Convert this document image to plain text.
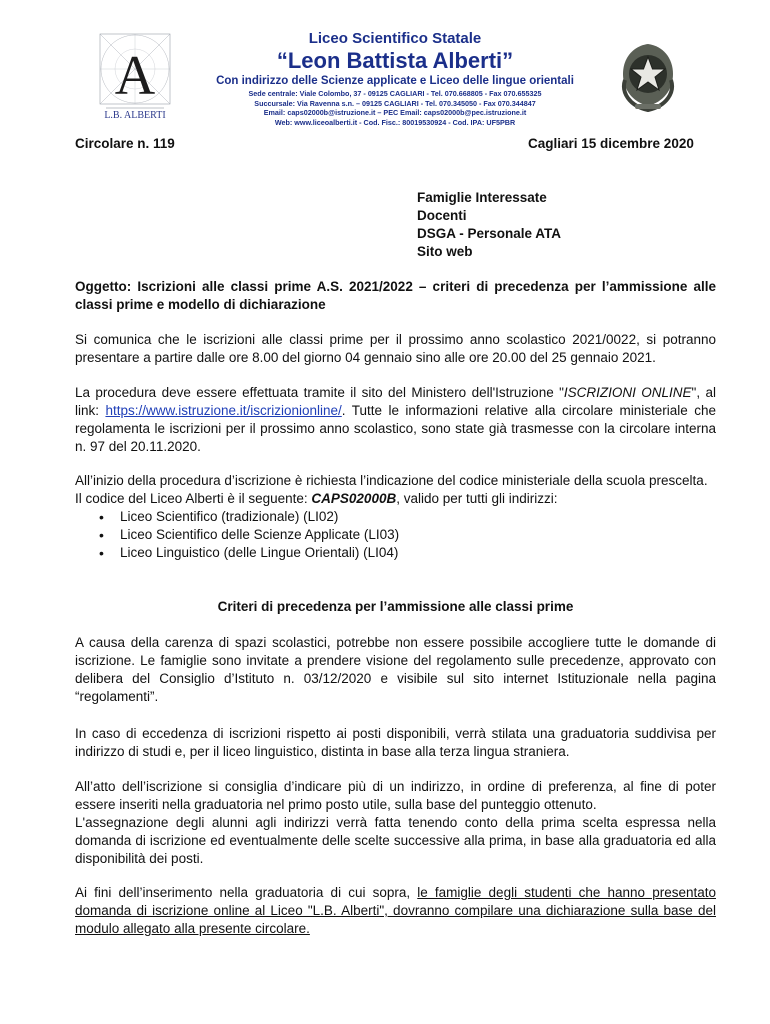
A
L.B. ALBERTI
Liceo Scientifico Statale
“Leon Battista Alberti”
Con indirizzo delle Scienze applicate e Liceo delle lingue orientali
Sede centrale: Viale Colombo, 37 - 09125 CAGLIARI - Tel. 070.668805 - Fax 070.655325
Succursale: Via Ravenna s.n. – 09125 CAGLIARI - Tel. 070.345050 - Fax 070.344847
Email: caps02000b@istruzione.it – PEC Email: caps02000b@pec.istruzione.it
Web: www.liceoalberti.it - Cod. Fisc.: 80019530924 - Cod. IPA: UF5PBR
Circolare n. 119	Cagliari 15 dicembre 2020
Famiglie Interessate
Docenti
DSGA - Personale ATA
Sito web
Oggetto: Iscrizioni alle classi prime A.S. 2021/2022 – criteri di precedenza per l’ammissione alle classi prime e modello di dichiarazione
Si comunica che le iscrizioni alle classi prime per il prossimo anno scolastico 2021/0022, si potranno presentare a partire dalle ore 8.00 del giorno 04 gennaio sino alle ore 20.00 del 25 gennaio 2021.
La procedura deve essere effettuata tramite il sito del Ministero dell'Istruzione "ISCRIZIONI ONLINE", al link: https://www.istruzione.it/iscrizionionline/. Tutte le informazioni relative alla circolare ministeriale che regolamenta le iscrizioni per il prossimo anno scolastico, sono state già trasmesse con la circolare interna n. 97 del 20.11.2020.
All’inizio della procedura d’iscrizione è richiesta l’indicazione del codice ministeriale della scuola prescelta.
Il codice del Liceo Alberti è il seguente: CAPS02000B, valido per tutti gli indirizzi:
• Liceo Scientifico (tradizionale) (LI02)
• Liceo Scientifico delle Scienze Applicate (LI03)
• Liceo Linguistico (delle Lingue Orientali) (LI04)
Criteri di precedenza per l’ammissione alle classi prime
A causa della carenza di spazi scolastici, potrebbe non essere possibile accogliere tutte le domande di iscrizione. Le famiglie sono invitate a prendere visione del regolamento sulle precedenze, approvato con delibera del Consiglio d’Istituto n. 03/12/2020 e visibile sul sito internet Istituzionale nella pagina “regolamenti”.
In caso di eccedenza di iscrizioni rispetto ai posti disponibili, verrà stilata una graduatoria suddivisa per indirizzo di studi e, per il liceo linguistico, distinta in base alla terza lingua straniera.
All’atto dell’iscrizione si consiglia d’indicare più di un indirizzo, in ordine di preferenza, al fine di poter essere inseriti nella graduatoria nel primo posto utile, sulla base del punteggio ottenuto.
L'assegnazione degli alunni agli indirizzi verrà fatta tenendo conto della prima scelta espressa nella domanda di iscrizione ed eventualmente delle scelte successive alla prima, in base alla graduatoria ed alla disponibilità dei posti.
Ai fini dell’inserimento nella graduatoria di cui sopra, le famiglie degli studenti che hanno presentato domanda di iscrizione online al Liceo "L.B. Alberti", dovranno compilare una dichiarazione sulla base del modulo allegato alla presente circolare.
